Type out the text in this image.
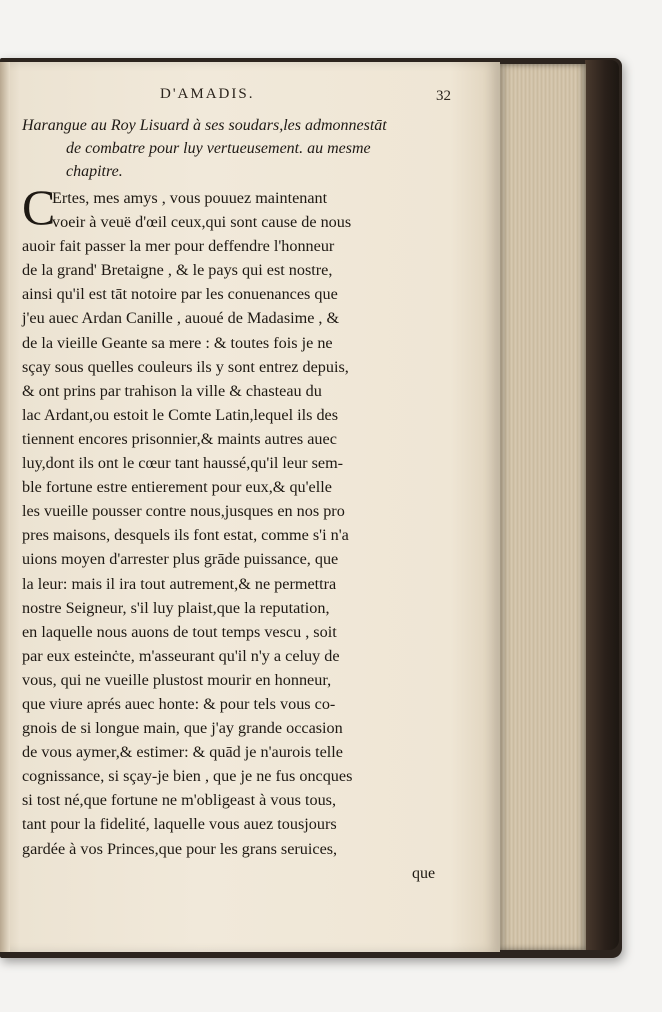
D'AMADIS.	32
Harangue au Roy Lisuard à ses soudars,les admonnestāt
de combatre pour luy vertueusement. au mesme
chapitre.
C
Ertes, mes amys , vous pouuez maintenant
voeir à veuë d'œil ceux,qui sont cause de nous
auoir fait passer la mer pour deffendre l'honneur
de la grand' Bretaigne , & le pays qui est nostre,
ainsi qu'il est tāt notoire par les conuenances que
j'eu auec Ardan Canille , auoué de Madasime , &
de la vieille Geante sa mere : & toutes fois je ne
sçay sous quelles couleurs ils y sont entrez depuis,
& ont prins par trahison la ville & chasteau du
lac Ardant,ou estoit le Comte Latin,lequel ils des
tiennent encores prisonnier,& maints autres auec
luy,dont ils ont le cœur tant haussé,qu'il leur sem-
ble fortune estre entierement pour eux,& qu'elle
les vueille pousser contre nous,jusques en nos pro
pres maisons, desquels ils font estat, comme s'i n'a
uions moyen d'arrester plus grāde puissance, que
la leur: mais il ira tout autrement,& ne permettra
nostre Seigneur, s'il luy plaist,que la reputation,
en laquelle nous auons de tout temps vescu , soit
par eux esteinċte, m'asseurant qu'il n'y a celuy de
vous, qui ne vueille plustost mourir en honneur,
que viure aprés auec honte: & pour tels vous co-
gnois de si longue main, que j'ay grande occasion
de vous aymer,& estimer: & quād je n'aurois telle
cognissance, si sçay-je bien , que je ne fus oncques
si tost né,que fortune ne m'obligeast à vous tous,
tant pour la fidelité, laquelle vous auez tousjours
gardée à vos Princes,que pour les grans seruices,
que
